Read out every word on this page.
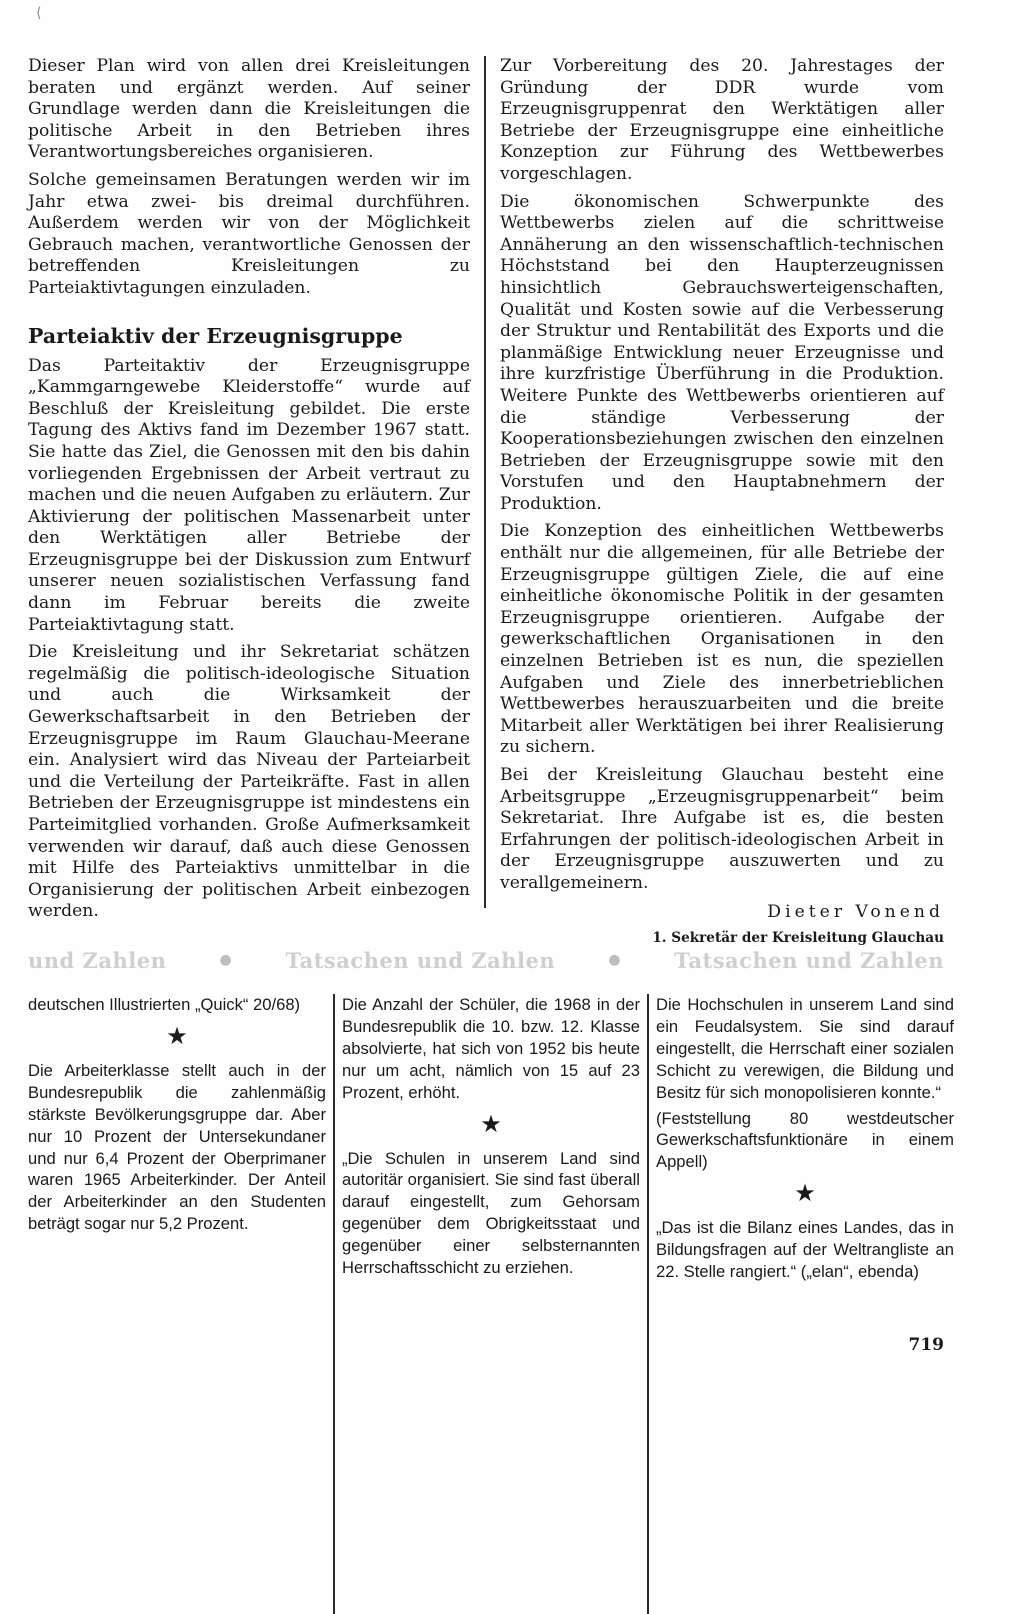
⟨

Dieser Plan wird von allen drei Kreisleitungen beraten und ergänzt werden. Auf seiner Grundlage werden dann die Kreisleitungen die politische Arbeit in den Betrieben ihres Verantwortungsbereiches organisieren.

Solche gemeinsamen Beratungen werden wir im Jahr etwa zwei- bis dreimal durchführen. Außerdem werden wir von der Möglichkeit Gebrauch machen, verantwortliche Genossen der betreffenden Kreisleitungen zu Parteiaktivtagungen einzuladen.

Parteiaktiv der Erzeugnisgruppe

Das Parteitaktiv der Erzeugnisgruppe „Kammgarngewebe Kleiderstoffe“ wurde auf Beschluß der Kreisleitung gebildet. Die erste Tagung des Aktivs fand im Dezember 1967 statt. Sie hatte das Ziel, die Genossen mit den bis dahin vorliegenden Ergebnissen der Arbeit vertraut zu machen und die neuen Aufgaben zu erläutern. Zur Aktivierung der politischen Massenarbeit unter den Werktätigen aller Betriebe der Erzeugnisgruppe bei der Diskussion zum Entwurf unserer neuen sozialistischen Verfassung fand dann im Februar bereits die zweite Parteiaktivtagung statt.

Die Kreisleitung und ihr Sekretariat schätzen regelmäßig die politisch-ideologische Situation und auch die Wirksamkeit der Gewerkschaftsarbeit in den Betrieben der Erzeugnisgruppe im Raum Glauchau-Meerane ein. Analysiert wird das Niveau der Parteiarbeit und die Verteilung der Parteikräfte. Fast in allen Betrieben der Erzeugnisgruppe ist mindestens ein Parteimitglied vorhanden. Große Aufmerksamkeit verwenden wir darauf, daß auch diese Genossen mit Hilfe des Parteiaktivs unmittelbar in die Organisierung der politischen Arbeit einbezogen werden.

Zur Vorbereitung des 20. Jahrestages der Gründung der DDR wurde vom Erzeugnisgruppenrat den Werktätigen aller Betriebe der Erzeugnisgruppe eine einheitliche Konzeption zur Führung des Wettbewerbes vorgeschlagen.

Die ökonomischen Schwerpunkte des Wettbewerbs zielen auf die schrittweise Annäherung an den wissenschaftlich-technischen Höchststand bei den Haupterzeugnissen hinsichtlich Gebrauchswerteigenschaften, Qualität und Kosten sowie auf die Verbesserung der Struktur und Rentabilität des Exports und die planmäßige Entwicklung neuer Erzeugnisse und ihre kurzfristige Überführung in die Produktion. Weitere Punkte des Wettbewerbs orientieren auf die ständige Verbesserung der Kooperationsbeziehungen zwischen den einzelnen Betrieben der Erzeugnisgruppe sowie mit den Vorstufen und den Hauptabnehmern der Produktion.

Die Konzeption des einheitlichen Wettbewerbs enthält nur die allgemeinen, für alle Betriebe der Erzeugnisgruppe gültigen Ziele, die auf eine einheitliche ökonomische Politik in der gesamten Erzeugnisgruppe orientieren. Aufgabe der gewerkschaftlichen Organisationen in den einzelnen Betrieben ist es nun, die speziellen Aufgaben und Ziele des innerbetrieblichen Wettbewerbes herauszuarbeiten und die breite Mitarbeit aller Werktätigen bei ihrer Realisierung zu sichern.

Bei der Kreisleitung Glauchau besteht eine Arbeitsgruppe „Erzeugnisgruppenarbeit“ beim Sekretariat. Ihre Aufgabe ist es, die besten Erfahrungen der politisch-ideologischen Arbeit in der Erzeugnisgruppe auszuwerten und zu verallgemeinern.

Dieter Vonend
1. Sekretär der Kreisleitung Glauchau
und Zahlen	●	Tatsachen und Zahlen	●	Tatsachen und Zahlen

deutschen Illustrierten „Quick“ 20/68)

★

Die Arbeiterklasse stellt auch in der Bundesrepublik die zahlenmäßig stärkste Bevölkerungsgruppe dar. Aber nur 10 Prozent der Untersekundaner und nur 6,4 Prozent der Oberprimaner waren 1965 Arbeiterkinder. Der Anteil der Arbeiterkinder an den Studenten beträgt sogar nur 5,2 Prozent.

Die Anzahl der Schüler, die 1968 in der Bundesrepublik die 10. bzw. 12. Klasse absolvierte, hat sich von 1952 bis heute nur um acht, nämlich von 15 auf 23 Prozent, erhöht.

★

„Die Schulen in unserem Land sind autoritär organisiert. Sie sind fast überall darauf eingestellt, zum Gehorsam gegenüber dem Obrigkeitsstaat und gegenüber einer selbsternannten Herrschaftsschicht zu erziehen.

Die Hochschulen in unserem Land sind ein Feudalsystem. Sie sind darauf eingestellt, die Herrschaft einer sozialen Schicht zu verewigen, die Bildung und Besitz für sich monopolisieren konnte.“

(Feststellung 80 westdeutscher Gewerkschaftsfunktionäre in einem Appell)

★

„Das ist die Bilanz eines Landes, das in Bildungsfragen auf der Weltrangliste an 22. Stelle rangiert.“ („elan“, ebenda)

719
